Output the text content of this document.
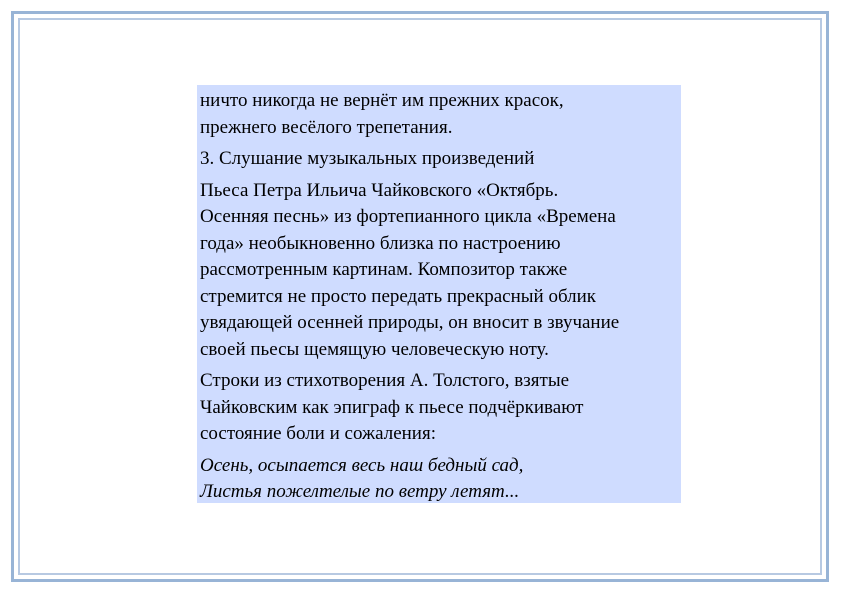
ничто никогда не вернёт им прежних красок,
прежнего весёлого трепетания.
3. Слушание музыкальных произведений
Пьеса Петра Ильича Чайковского «Октябрь.
Осенняя песнь» из фортепианного цикла «Времена
года» необыкновенно близка по настроению
рассмотренным картинам. Композитор также
стремится не просто передать прекрасный облик
увядающей осенней природы, он вносит в звучание
своей пьесы щемящую человеческую ноту.
Строки из стихотворения А. Толстого, взятые
Чайковским как эпиграф к пьесе подчёркивают
состояние боли и сожаления:
Осень, осыпается весь наш бедный сад,
Листья пожелтелые по ветру летят...
